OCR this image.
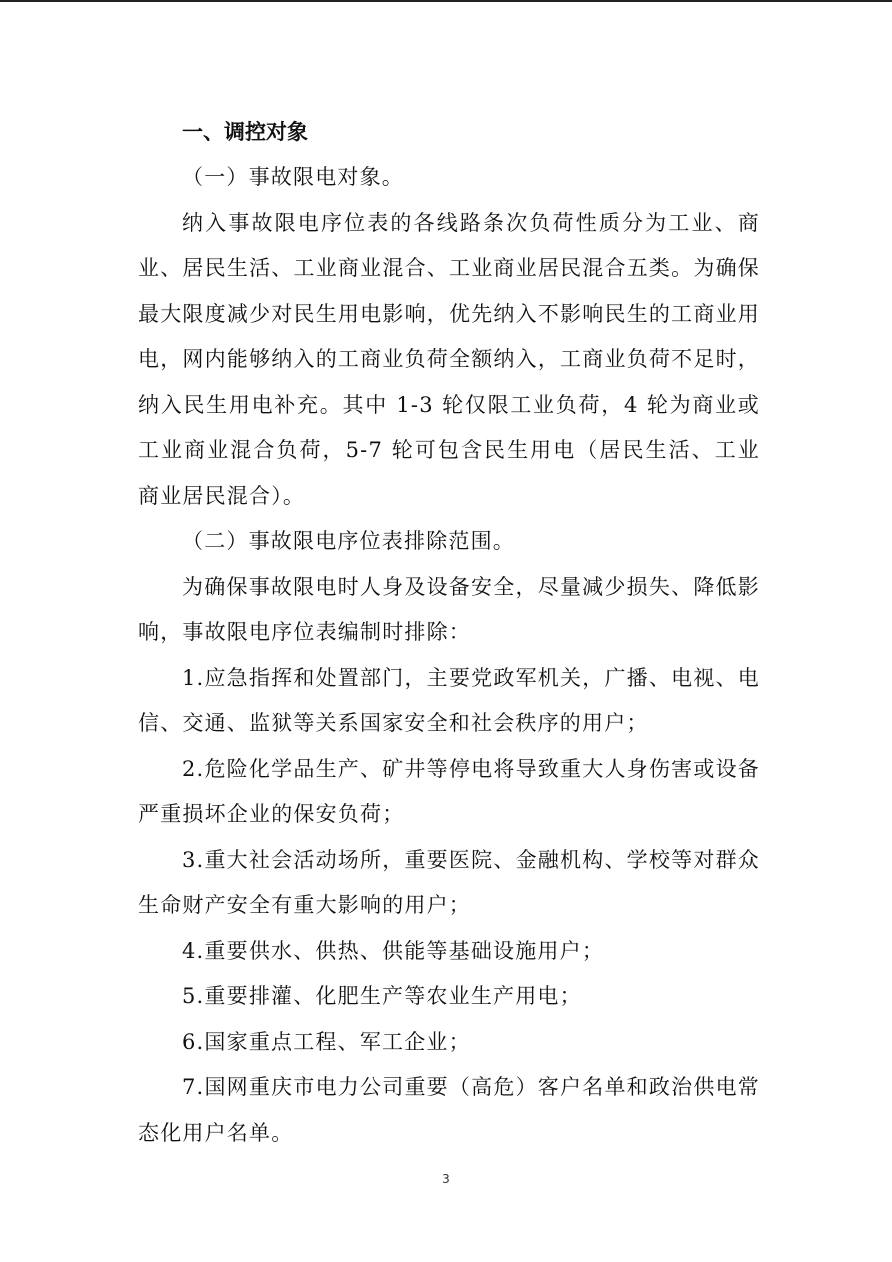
一、调控对象

（一）事故限电对象。

纳入事故限电序位表的各线路条次负荷性质分为工业、商业、居民生活、工业商业混合、工业商业居民混合五类。为确保最大限度减少对民生用电影响，优先纳入不影响民生的工商业用电，网内能够纳入的工商业负荷全额纳入，工商业负荷不足时，纳入民生用电补充。其中 1-3 轮仅限工业负荷，4 轮为商业或工业商业混合负荷，5-7 轮可包含民生用电（居民生活、工业商业居民混合）。

（二）事故限电序位表排除范围。

为确保事故限电时人身及设备安全，尽量减少损失、降低影响，事故限电序位表编制时排除：

1.应急指挥和处置部门，主要党政军机关，广播、电视、电信、交通、监狱等关系国家安全和社会秩序的用户；

2.危险化学品生产、矿井等停电将导致重大人身伤害或设备严重损坏企业的保安负荷；

3.重大社会活动场所，重要医院、金融机构、学校等对群众生命财产安全有重大影响的用户；

4.重要供水、供热、供能等基础设施用户；

5.重要排灌、化肥生产等农业生产用电；

6.国家重点工程、军工企业；

7.国网重庆市电力公司重要（高危）客户名单和政治供电常态化用户名单。

3
